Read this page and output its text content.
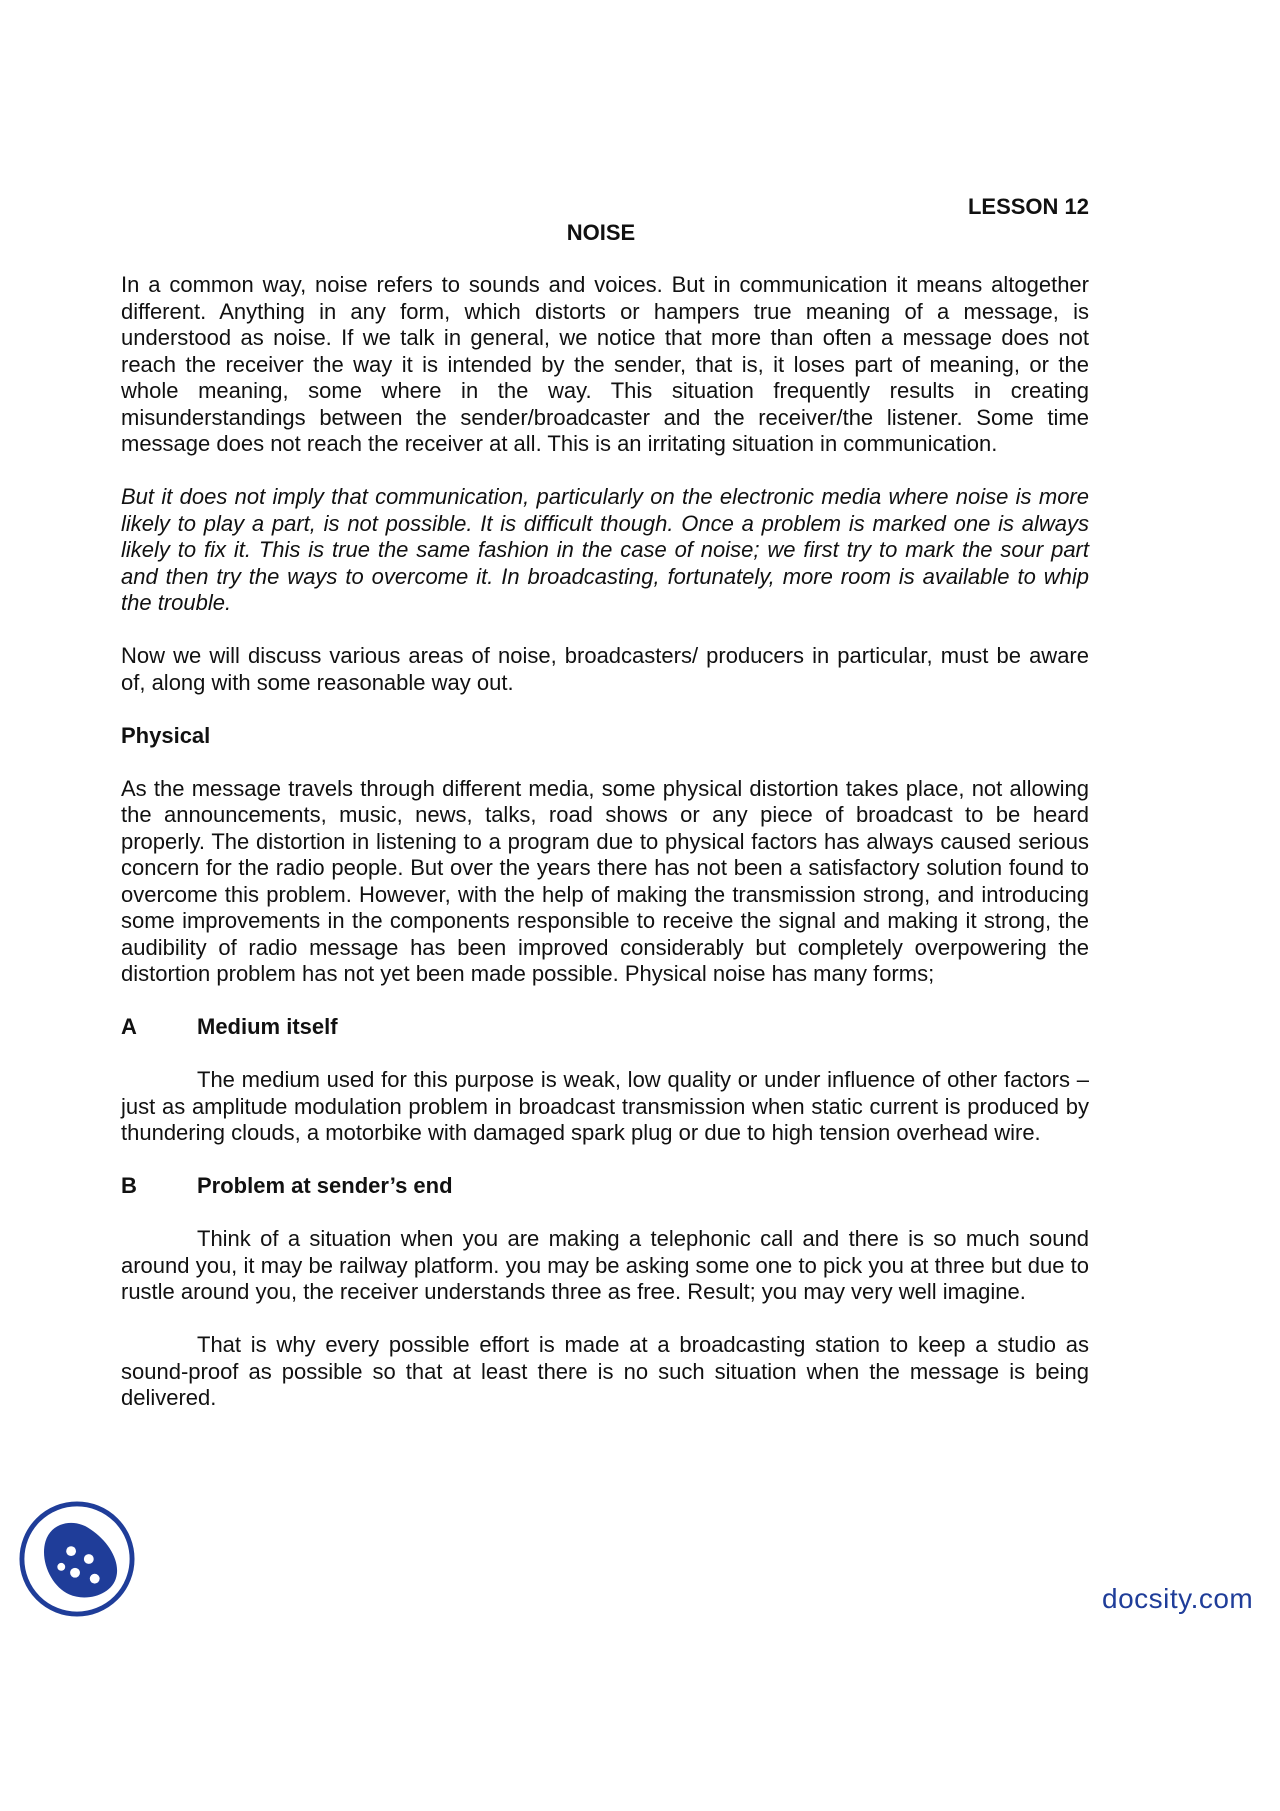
LESSON 12
NOISE

In a common way, noise refers to sounds and voices. But in communication it means altogether different. Anything in any form, which distorts or hampers true meaning of a message, is understood as noise. If we talk in general, we notice that more than often a message does not reach the receiver the way it is intended by the sender, that is, it loses part of meaning, or the whole meaning, some where in the way. This situation frequently results in creating misunderstandings between the sender/broadcaster and the receiver/the listener. Some time message does not reach the receiver at all. This is an irritating situation in communication.

But it does not imply that communication, particularly on the electronic media where noise is more likely to play a part, is not possible. It is difficult though. Once a problem is marked one is always likely to fix it. This is true the same fashion in the case of noise; we first try to mark the sour part and then try the ways to overcome it. In broadcasting, fortunately, more room is available to whip the trouble.

Now we will discuss various areas of noise, broadcasters/ producers in particular, must be aware of, along with some reasonable way out.

Physical

As the message travels through different media, some physical distortion takes place, not allowing the announcements, music, news, talks, road shows or any piece of broadcast to be heard properly. The distortion in listening to a program due to physical factors has always caused serious concern for the radio people. But over the years there has not been a satisfactory solution found to overcome this problem. However, with the help of making the transmission strong, and introducing some improvements in the components responsible to receive the signal and making it strong, the audibility of radio message has been improved considerably but completely overpowering the distortion problem has not yet been made possible. Physical noise has many forms;

A	Medium itself

The medium used for this purpose is weak, low quality or under influence of other factors – just as amplitude modulation problem in broadcast transmission when static current is produced by thundering clouds, a motorbike with damaged spark plug or due to high tension overhead wire.

B	Problem at sender’s end

Think of a situation when you are making a telephonic call and there is so much sound around you, it may be railway platform. you may be asking some one to pick you at three but due to rustle around you, the receiver understands three as free. Result; you may very well imagine.

That is why every possible effort is made at a broadcasting station to keep a studio as sound-proof as possible so that at least there is no such situation when the message is being delivered.

docsity.com
